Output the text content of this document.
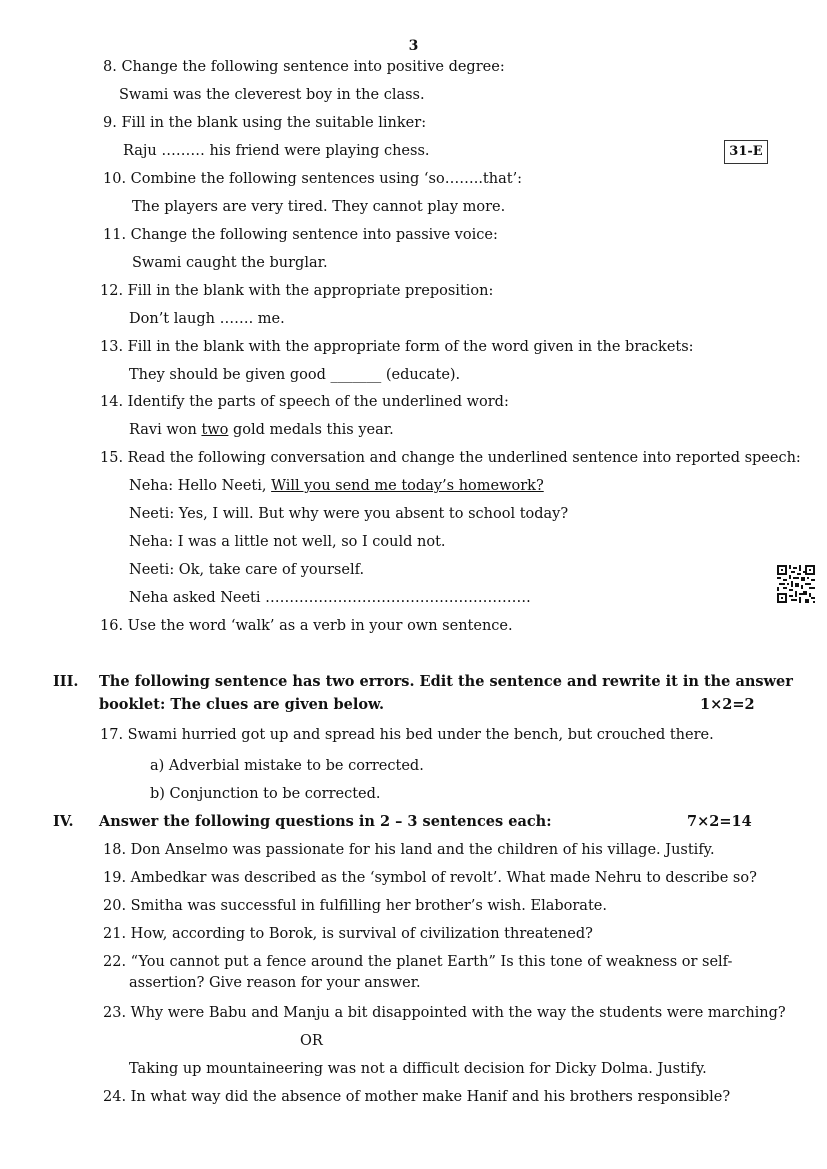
3
31-E
8. Change the following sentence into positive degree:
Swami was the cleverest boy in the class.
9. Fill in the blank using the suitable linker:
Raju ……… his friend were playing chess.
10. Combine the following sentences using ‘so……..that’:
The players are very tired. They cannot play more.
11. Change the following sentence into passive voice:
Swami caught the burglar.
12. Fill in the blank with the appropriate preposition:
Don’t laugh ……. me.
13. Fill in the blank with the appropriate form of the word given in the brackets:
They should be given good _______ (educate).
14. Identify the parts of speech of the underlined word:
Ravi won two gold medals this year.
15. Read the following conversation and change the underlined sentence into reported speech:
Neha: Hello Neeti, Will you send me today’s homework?
Neeti: Yes, I will. But why were you absent to school today?
Neha: I was a little not well, so I could not.
Neeti: Ok, take care of yourself.
Neha asked Neeti ……………………………………………….
16. Use the word ‘walk’ as a verb in your own sentence.
III. The following sentence has two errors. Edit the sentence and rewrite it in the answer
booklet: The clues are given below.	1×2=2
17. Swami hurried got up and spread his bed under the bench, but crouched there.
a) Adverbial mistake to be corrected.
b) Conjunction to be corrected.
IV. Answer the following questions in 2 – 3 sentences each:	7×2=14
18. Don Anselmo was passionate for his land and the children of his village. Justify.
19. Ambedkar was described as the ‘symbol of revolt’. What made Nehru to describe so?
20. Smitha was successful in fulfilling her brother’s wish. Elaborate.
21. How, according to Borok, is survival of civilization threatened?
22. “You cannot put a fence around the planet Earth” Is this tone of weakness or self-
assertion? Give reason for your answer.
23. Why were Babu and Manju a bit disappointed with the way the students were marching?
OR
Taking up mountaineering was not a difficult decision for Dicky Dolma. Justify.
24. In what way did the absence of mother make Hanif and his brothers responsible?
